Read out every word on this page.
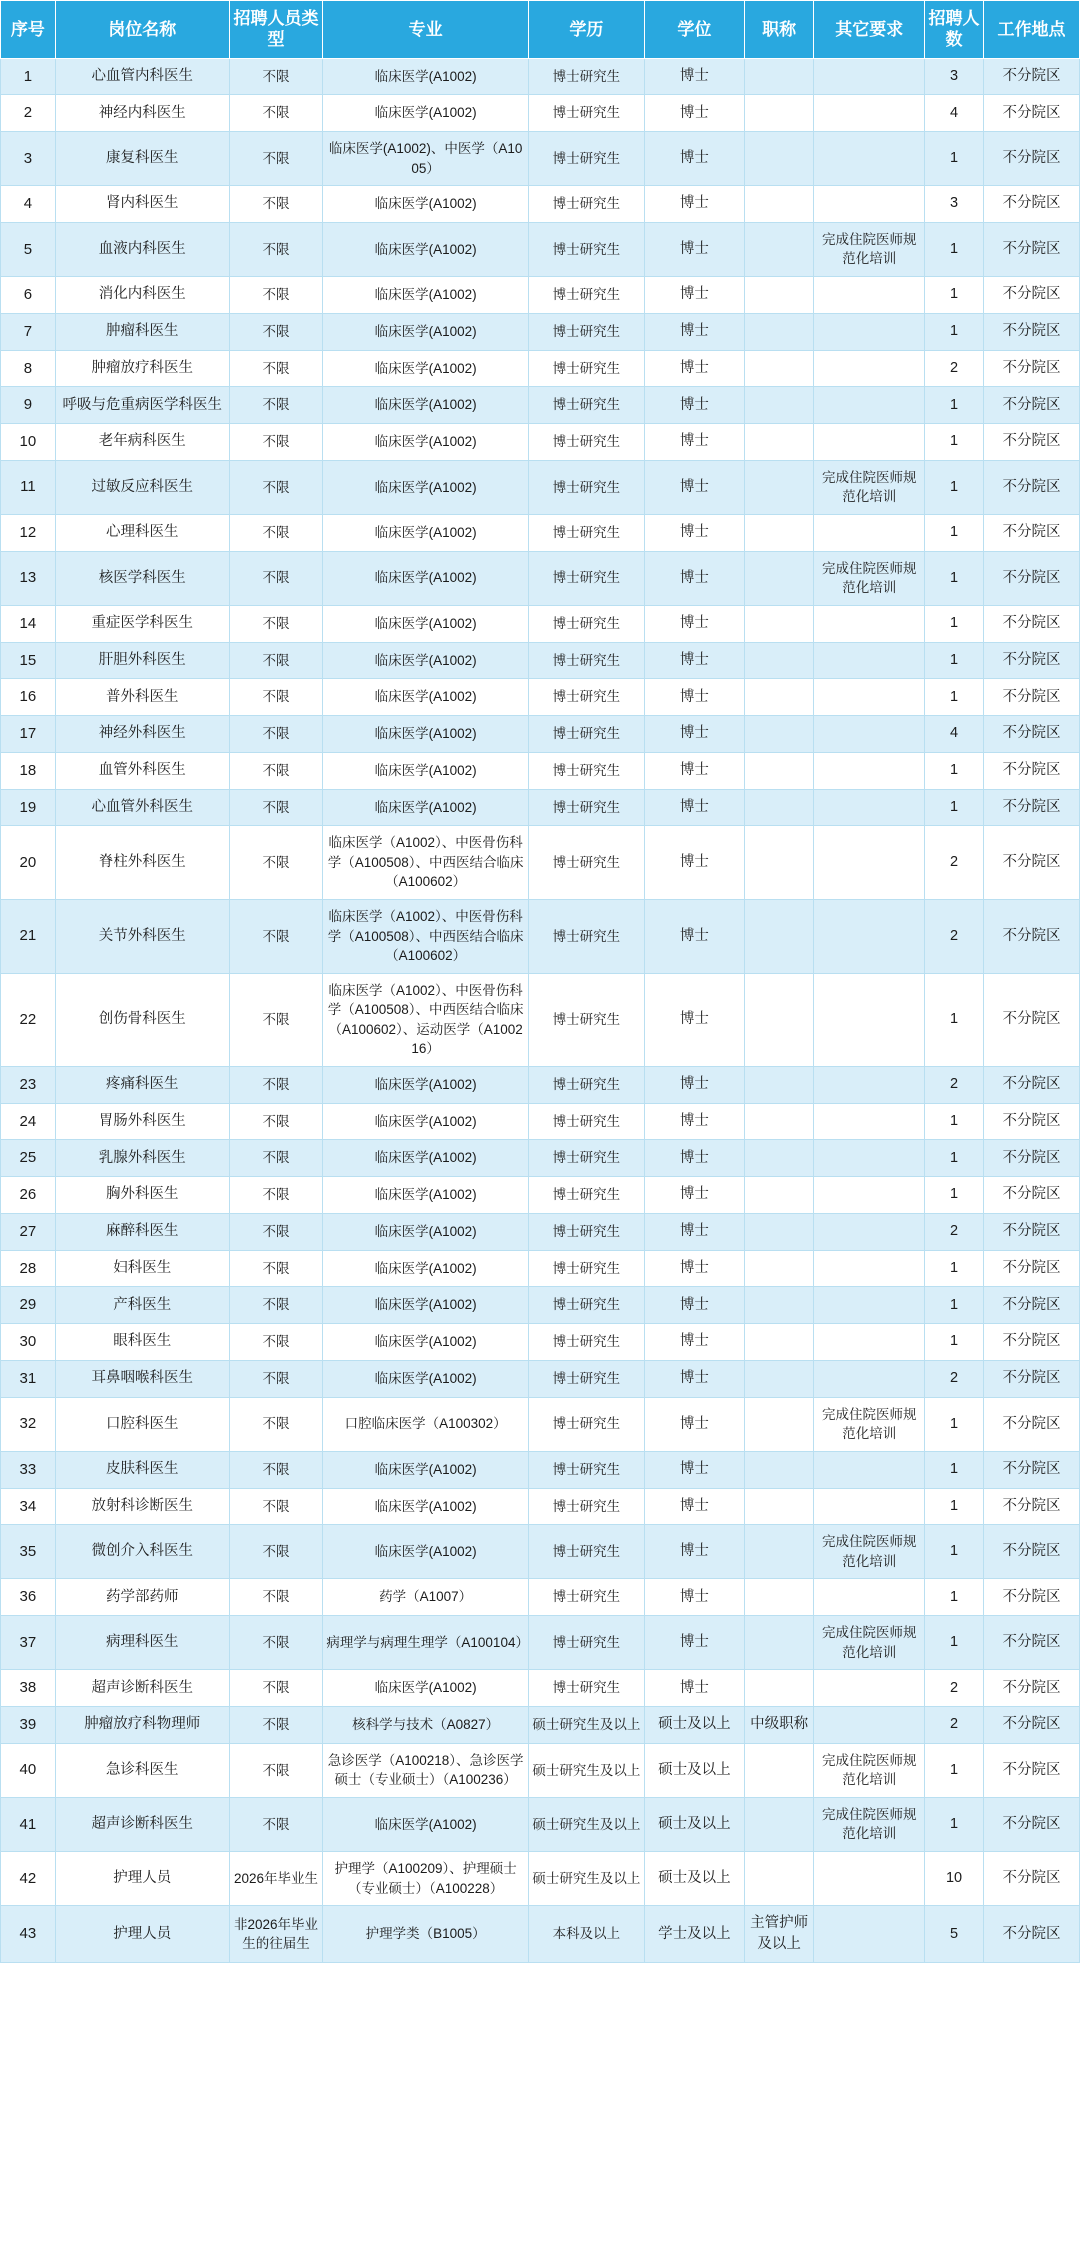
序号	岗位名称	招聘人员类型	专业	学历	学位	职称	其它要求	招聘人数	工作地点
1	心血管内科医生	不限	临床医学(A1002)	博士研究生	博士			3	不分院区
2	神经内科医生	不限	临床医学(A1002)	博士研究生	博士			4	不分院区
3	康复科医生	不限	临床医学(A1002)、中医学（A1005）	博士研究生	博士			1	不分院区
4	肾内科医生	不限	临床医学(A1002)	博士研究生	博士			3	不分院区
5	血液内科医生	不限	临床医学(A1002)	博士研究生	博士		完成住院医师规范化培训	1	不分院区
6	消化内科医生	不限	临床医学(A1002)	博士研究生	博士			1	不分院区
7	肿瘤科医生	不限	临床医学(A1002)	博士研究生	博士			1	不分院区
8	肿瘤放疗科医生	不限	临床医学(A1002)	博士研究生	博士			2	不分院区
9	呼吸与危重病医学科医生	不限	临床医学(A1002)	博士研究生	博士			1	不分院区
10	老年病科医生	不限	临床医学(A1002)	博士研究生	博士			1	不分院区
11	过敏反应科医生	不限	临床医学(A1002)	博士研究生	博士		完成住院医师规范化培训	1	不分院区
12	心理科医生	不限	临床医学(A1002)	博士研究生	博士			1	不分院区
13	核医学科医生	不限	临床医学(A1002)	博士研究生	博士		完成住院医师规范化培训	1	不分院区
14	重症医学科医生	不限	临床医学(A1002)	博士研究生	博士			1	不分院区
15	肝胆外科医生	不限	临床医学(A1002)	博士研究生	博士			1	不分院区
16	普外科医生	不限	临床医学(A1002)	博士研究生	博士			1	不分院区
17	神经外科医生	不限	临床医学(A1002)	博士研究生	博士			4	不分院区
18	血管外科医生	不限	临床医学(A1002)	博士研究生	博士			1	不分院区
19	心血管外科医生	不限	临床医学(A1002)	博士研究生	博士			1	不分院区
20	脊柱外科医生	不限	临床医学（A1002）、中医骨伤科学（A100508）、中西医结合临床（A100602）	博士研究生	博士			2	不分院区
21	关节外科医生	不限	临床医学（A1002）、中医骨伤科学（A100508）、中西医结合临床（A100602）	博士研究生	博士			2	不分院区
22	创伤骨科医生	不限	临床医学（A1002）、中医骨伤科学（A100508）、中西医结合临床（A100602）、运动医学（A100216）	博士研究生	博士			1	不分院区
23	疼痛科医生	不限	临床医学(A1002)	博士研究生	博士			2	不分院区
24	胃肠外科医生	不限	临床医学(A1002)	博士研究生	博士			1	不分院区
25	乳腺外科医生	不限	临床医学(A1002)	博士研究生	博士			1	不分院区
26	胸外科医生	不限	临床医学(A1002)	博士研究生	博士			1	不分院区
27	麻醉科医生	不限	临床医学(A1002)	博士研究生	博士			2	不分院区
28	妇科医生	不限	临床医学(A1002)	博士研究生	博士			1	不分院区
29	产科医生	不限	临床医学(A1002)	博士研究生	博士			1	不分院区
30	眼科医生	不限	临床医学(A1002)	博士研究生	博士			1	不分院区
31	耳鼻咽喉科医生	不限	临床医学(A1002)	博士研究生	博士			2	不分院区
32	口腔科医生	不限	口腔临床医学（A100302）	博士研究生	博士		完成住院医师规范化培训	1	不分院区
33	皮肤科医生	不限	临床医学(A1002)	博士研究生	博士			1	不分院区
34	放射科诊断医生	不限	临床医学(A1002)	博士研究生	博士			1	不分院区
35	微创介入科医生	不限	临床医学(A1002)	博士研究生	博士		完成住院医师规范化培训	1	不分院区
36	药学部药师	不限	药学（A1007）	博士研究生	博士			1	不分院区
37	病理科医生	不限	病理学与病理生理学（A100104）	博士研究生	博士		完成住院医师规范化培训	1	不分院区
38	超声诊断科医生	不限	临床医学(A1002)	博士研究生	博士			2	不分院区
39	肿瘤放疗科物理师	不限	核科学与技术（A0827）	硕士研究生及以上	硕士及以上	中级职称		2	不分院区
40	急诊科医生	不限	急诊医学（A100218）、急诊医学硕士（专业硕士）（A100236）	硕士研究生及以上	硕士及以上		完成住院医师规范化培训	1	不分院区
41	超声诊断科医生	不限	临床医学(A1002)	硕士研究生及以上	硕士及以上		完成住院医师规范化培训	1	不分院区
42	护理人员	2026年毕业生	护理学（A100209）、护理硕士（专业硕士）（A100228）	硕士研究生及以上	硕士及以上			10	不分院区
43	护理人员	非2026年毕业生的往届生	护理学类（B1005）	本科及以上	学士及以上	主管护师及以上		5	不分院区
